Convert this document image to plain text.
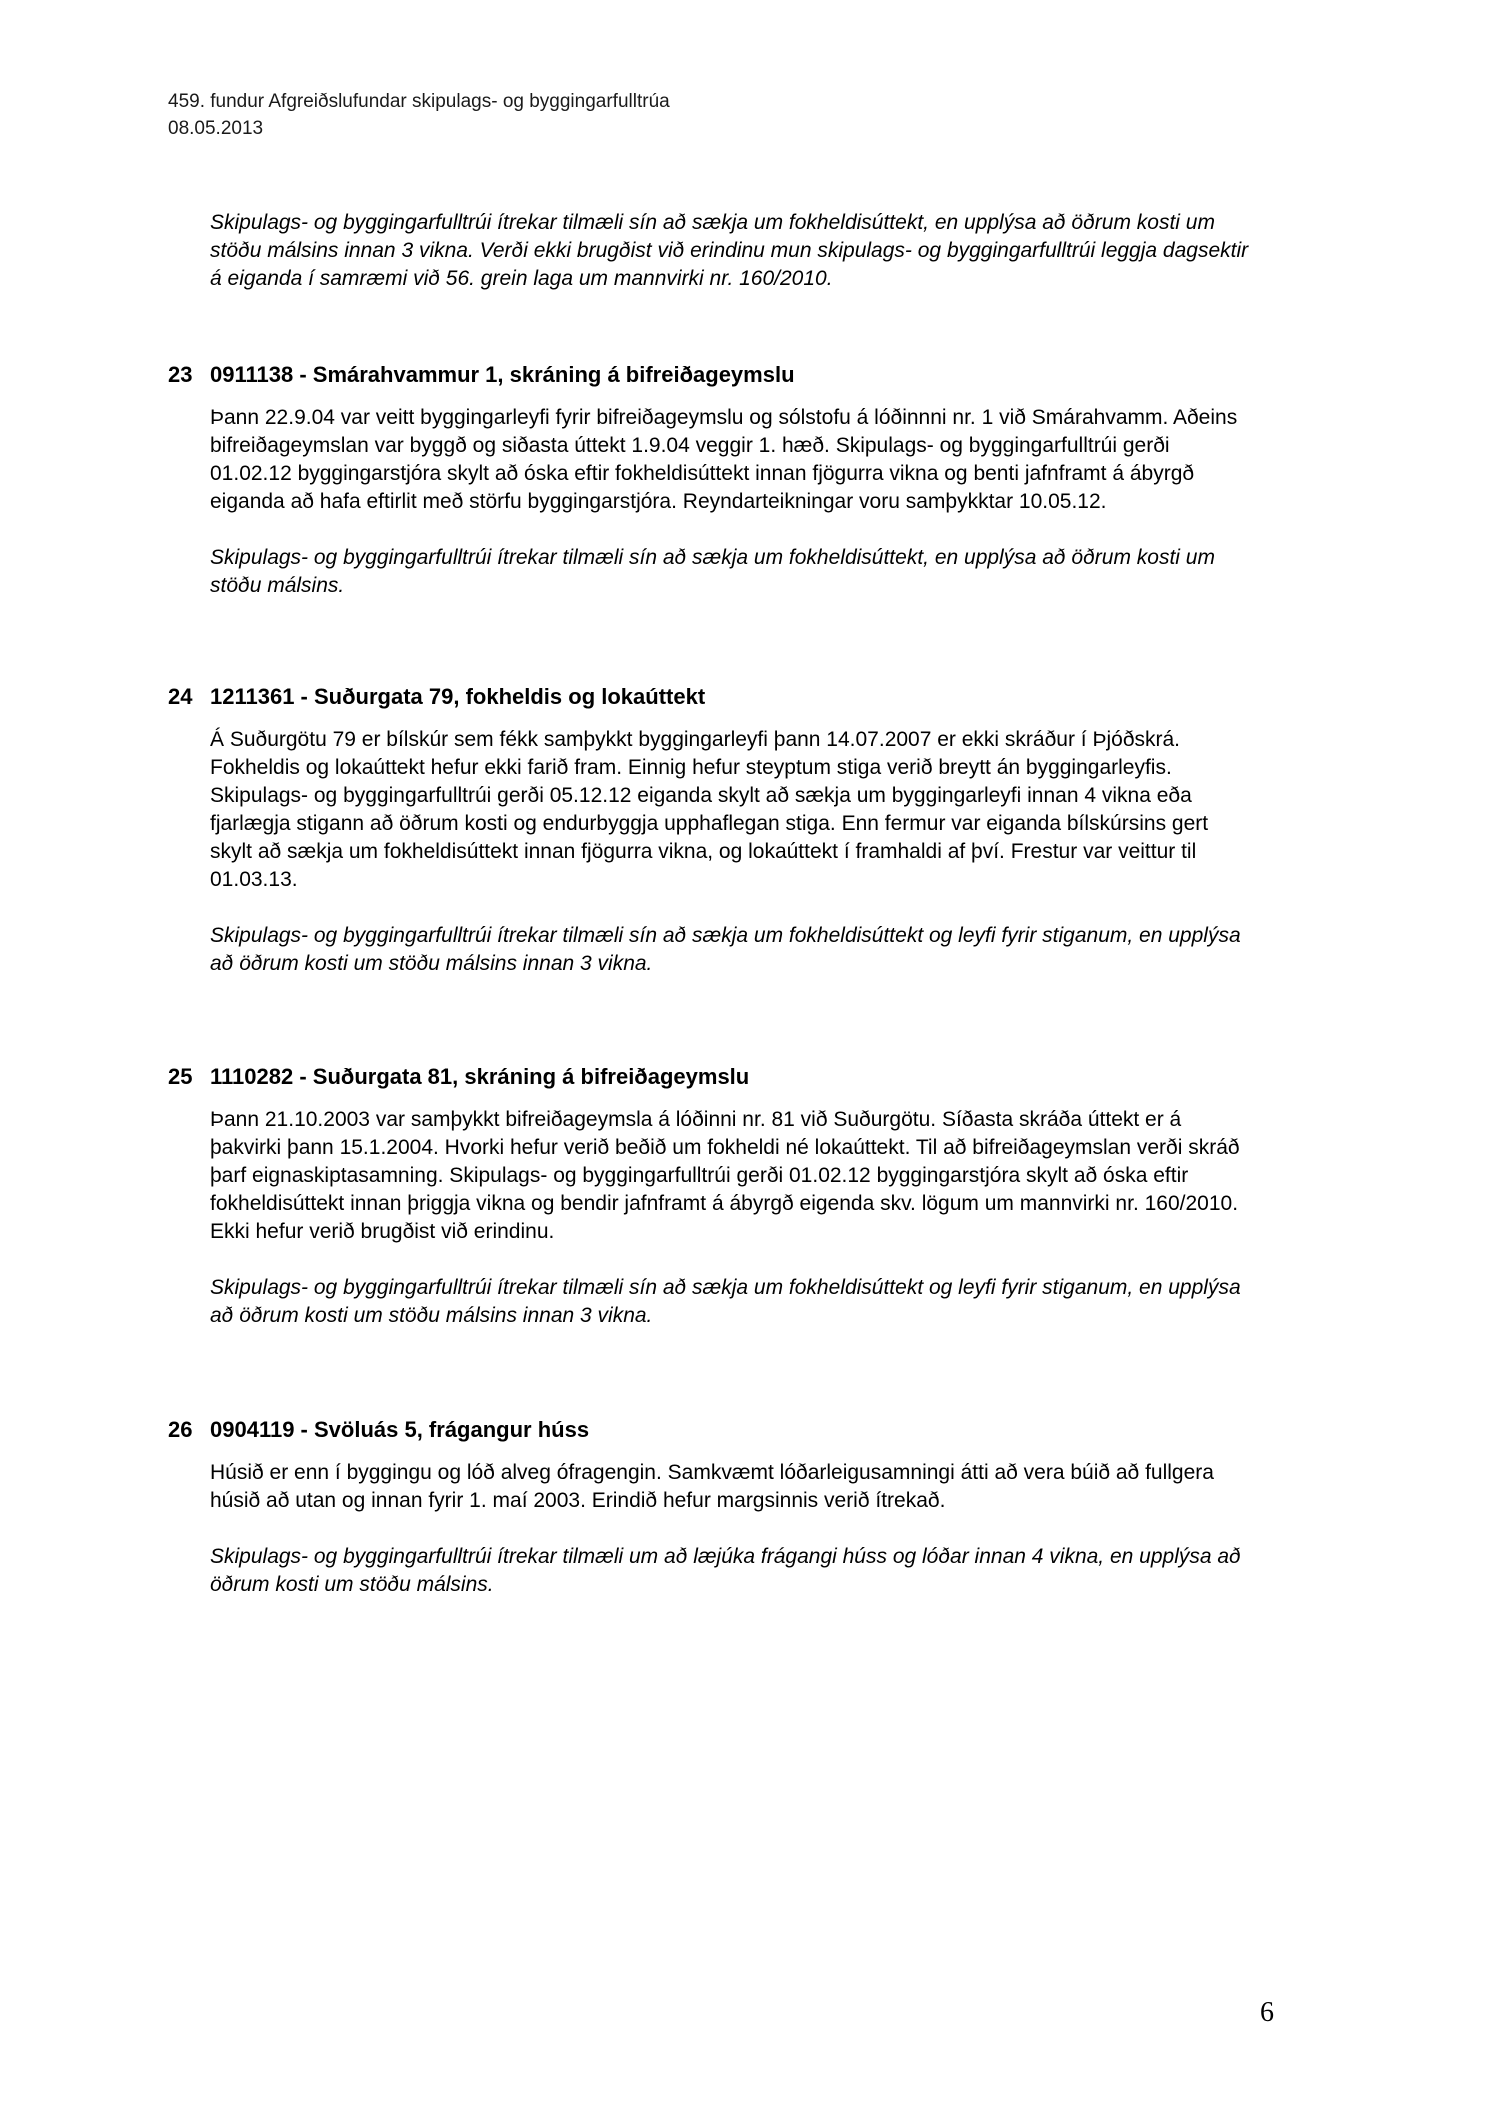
459. fundur Afgreiðslufundar skipulags- og byggingarfulltrúa
08.05.2013

Skipulags- og byggingarfulltrúi ítrekar tilmæli sín að sækja um fokheldisúttekt, en upplýsa að öðrum kosti um stöðu málsins innan 3 vikna. Verði ekki brugðist við erindinu mun skipulags- og byggingarfulltrúi leggja dagsektir á eiganda í samræmi við 56. grein laga um mannvirki nr. 160/2010.

23 0911138 - Smárahvammur 1, skráning á bifreiðageymslu

Þann 22.9.04 var veitt byggingarleyfi fyrir bifreiðageymslu og sólstofu á lóðinnni nr. 1 við Smárahvamm. Aðeins bifreiðageymslan var byggð og siðasta úttekt 1.9.04 veggir 1. hæð. Skipulags- og byggingarfulltrúi gerði 01.02.12 byggingarstjóra skylt að óska eftir fokheldisúttekt innan fjögurra vikna og benti jafnframt á ábyrgð eiganda að hafa eftirlit með störfu byggingarstjóra. Reyndarteikningar voru samþykktar 10.05.12.

Skipulags- og byggingarfulltrúi ítrekar tilmæli sín að sækja um fokheldisúttekt, en upplýsa að öðrum kosti um stöðu málsins.

24 1211361 - Suðurgata 79, fokheldis og lokaúttekt

Á Suðurgötu 79 er bílskúr sem fékk samþykkt byggingarleyfi þann 14.07.2007 er ekki skráður í Þjóðskrá. Fokheldis og lokaúttekt hefur ekki farið fram. Einnig hefur steyptum stiga verið breytt án byggingarleyfis. Skipulags- og byggingarfulltrúi gerði 05.12.12 eiganda skylt að sækja um byggingarleyfi innan 4 vikna eða fjarlægja stigann að öðrum kosti og endurbyggja upphaflegan stiga. Enn fermur var eiganda bílskúrsins gert skylt að sækja um fokheldisúttekt innan fjögurra vikna, og lokaúttekt í framhaldi af því. Frestur var veittur til 01.03.13.

Skipulags- og byggingarfulltrúi ítrekar tilmæli sín að sækja um fokheldisúttekt og leyfi fyrir stiganum, en upplýsa að öðrum kosti um stöðu málsins innan 3 vikna.

25 1110282 - Suðurgata 81, skráning á bifreiðageymslu

Þann 21.10.2003 var samþykkt bifreiðageymsla á lóðinni nr. 81 við Suðurgötu. Síðasta skráða úttekt er á þakvirki þann 15.1.2004. Hvorki hefur verið beðið um fokheldi né lokaúttekt. Til að bifreiðageymslan verði skráð þarf eignaskiptasamning. Skipulags- og byggingarfulltrúi gerði 01.02.12 byggingarstjóra skylt að óska eftir fokheldisúttekt innan þriggja vikna og bendir jafnframt á ábyrgð eigenda skv. lögum um mannvirki nr. 160/2010. Ekki hefur verið brugðist við erindinu.

Skipulags- og byggingarfulltrúi ítrekar tilmæli sín að sækja um fokheldisúttekt og leyfi fyrir stiganum, en upplýsa að öðrum kosti um stöðu málsins innan 3 vikna.

26 0904119 - Svöluás 5, frágangur húss

Húsið er enn í byggingu og lóð alveg ófragengin. Samkvæmt lóðarleigusamningi átti að vera búið að fullgera húsið að utan og innan fyrir 1. maí 2003. Erindið hefur margsinnis verið ítrekað.

Skipulags- og byggingarfulltrúi ítrekar tilmæli um að læjúka frágangi húss og lóðar innan 4 vikna, en upplýsa að öðrum kosti um stöðu málsins.

6
